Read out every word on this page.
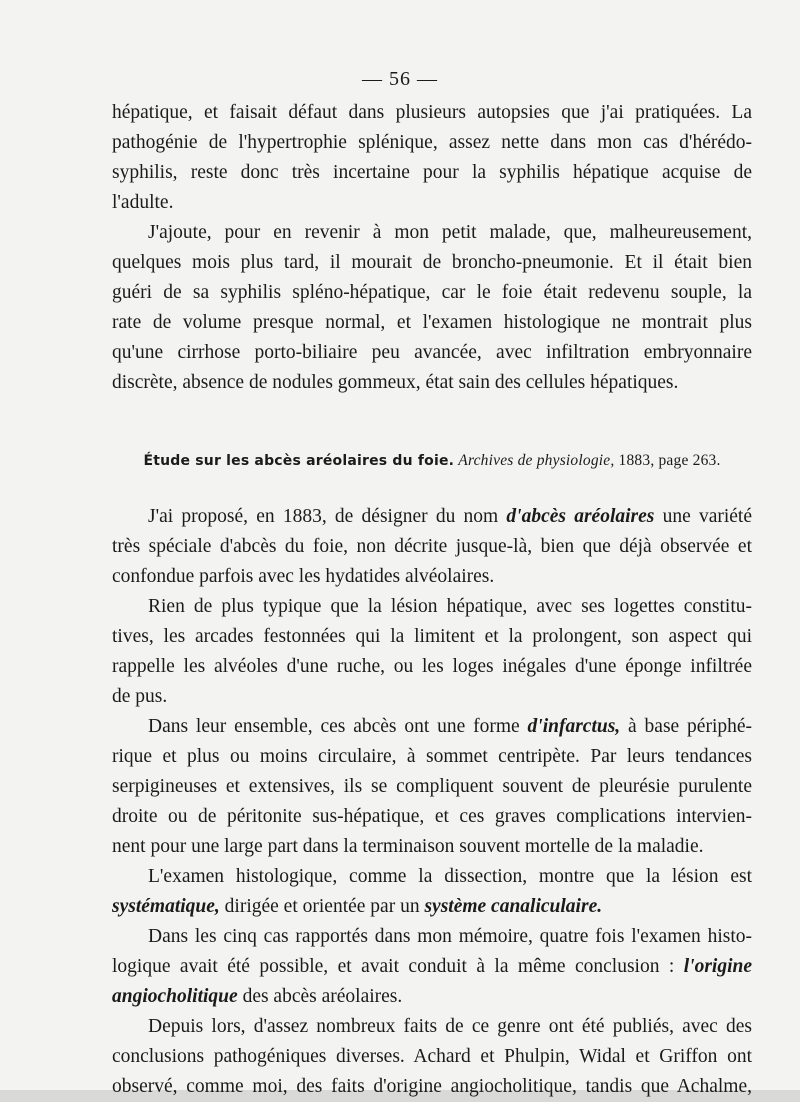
— 56 —

hépatique, et faisait défaut dans plusieurs autopsies que j'ai pratiquées. La

pathogénie de l'hypertrophie splénique, assez nette dans mon cas d'hérédo-

syphilis, reste donc très incertaine pour la syphilis hépatique acquise de

l'adulte.

J'ajoute, pour en revenir à mon petit malade, que, malheureusement,

quelques mois plus tard, il mourait de broncho-pneumonie. Et il était bien

guéri de sa syphilis spléno-hépatique, car le foie était redevenu souple, la

rate de volume presque normal, et l'examen histologique ne montrait plus

qu'une cirrhose porto-biliaire peu avancée, avec infiltration embryonnaire

discrète, absence de nodules gommeux, état sain des cellules hépatiques.

Étude sur les abcès aréolaires du foie. Archives de physiologie, 1883, page 263.

J'ai proposé, en 1883, de désigner du nom d'abcès aréolaires une variété

très spéciale d'abcès du foie, non décrite jusque-là, bien que déjà observée et

confondue parfois avec les hydatides alvéolaires.

Rien de plus typique que la lésion hépatique, avec ses logettes constitu-

tives, les arcades festonnées qui la limitent et la prolongent, son aspect qui

rappelle les alvéoles d'une ruche, ou les loges inégales d'une éponge infiltrée

de pus.

Dans leur ensemble, ces abcès ont une forme d'infarctus, à base périphé-

rique et plus ou moins circulaire, à sommet centripète. Par leurs tendances

serpigineuses et extensives, ils se compliquent souvent de pleurésie purulente

droite ou de péritonite sus-hépatique, et ces graves complications intervien-

nent pour une large part dans la terminaison souvent mortelle de la maladie.

L'examen histologique, comme la dissection, montre que la lésion est

systématique, dirigée et orientée par un système canaliculaire.

Dans les cinq cas rapportés dans mon mémoire, quatre fois l'examen histo-

logique avait été possible, et avait conduit à la même conclusion : l'origine

angiocholitique des abcès aréolaires.

Depuis lors, d'assez nombreux faits de ce genre ont été publiés, avec des

conclusions pathogéniques diverses. Achard et Phulpin, Widal et Griffon ont

observé, comme moi, des faits d'origine angiocholitique, tandis que Achalme,
